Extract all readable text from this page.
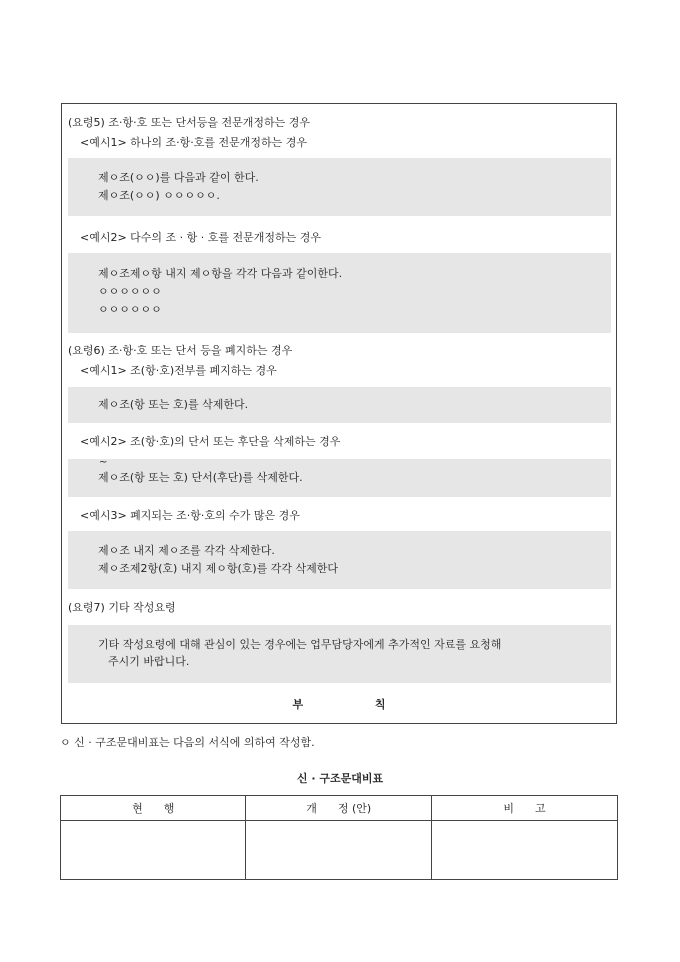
(요령5) 조·항·호 또는 단서등을 전문개정하는 경우
<예시1> 하나의 조·항·호를 전문개정하는 경우
제ㅇ조(ㅇㅇ)를 다음과 같이 한다.
제ㅇ조(ㅇㅇ) ㅇㅇㅇㅇㅇ.
<예시2> 다수의 조 · 항 · 호를 전문개정하는 경우
제ㅇ조제ㅇ항 내지 제ㅇ항을 각각 다음과 같이한다.
ㅇㅇㅇㅇㅇㅇ
ㅇㅇㅇㅇㅇㅇ
(요령6) 조·항·호 또는 단서 등을 폐지하는 경우
<예시1> 조(항·호)전부를 폐지하는 경우
제ㅇ조(항 또는 호)를 삭제한다.
<예시2> 조(항·호)의 단서 또는 후단을 삭제하는 경우
~
제ㅇ조(항 또는 호) 단서(후단)를 삭제한다.
<예시3> 폐지되는 조·항·호의 수가 많은 경우
제ㅇ조 내지 제ㅇ조를 각각 삭제한다.
제ㅇ조제2항(호) 내지 제ㅇ항(호)를 각각 삭제한다
(요령7) 기타 작성요령
기타 작성요령에 대해 관심이 있는 경우에는 업무담당자에게 추가적인 자료를 요청해
주시기 바랍니다.
부	칙
ㅇ 신 · 구조문대비표는 다음의 서식에 의하여 작성함.
신 · 구조문대비표
현      행	개      정 (안)	비      고
